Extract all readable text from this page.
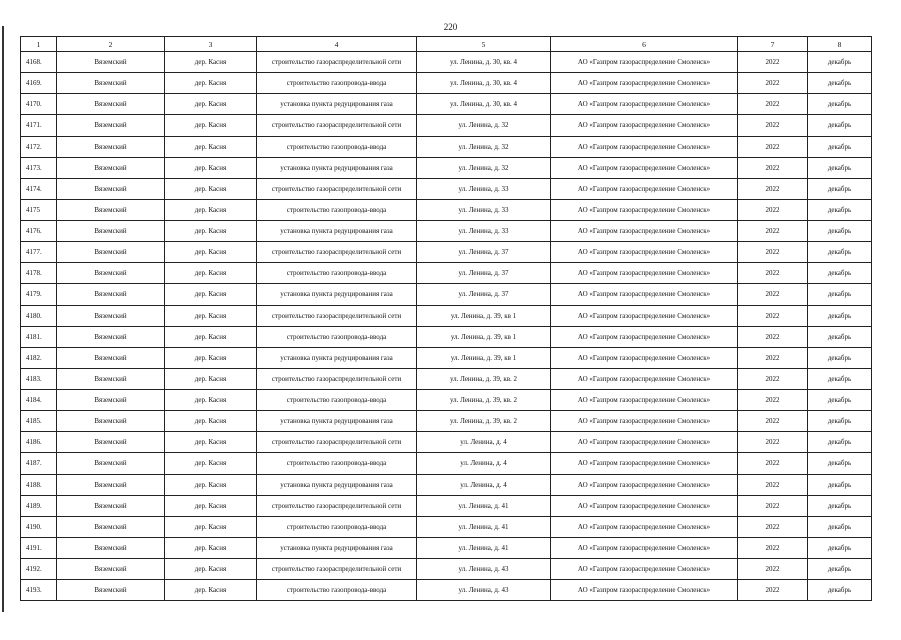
220
1	2	3	4	5	6	7	8
4168.	Вяземский	дер. Касня	строительство газораспределительной сети	ул. Ленина, д. 30, кв. 4	АО «Газпром газораспределение Смоленск»	2022	декабрь
4169.	Вяземский	дер. Касня	строительство газопровода-ввода	ул. Ленина, д. 30, кв. 4	АО «Газпром газораспределение Смоленск»	2022	декабрь
4170.	Вяземский	дер. Касня	установка пункта редуцирования газа	ул. Ленина, д. 30, кв. 4	АО «Газпром газораспределение Смоленск»	2022	декабрь
4171.	Вяземский	дер. Касня	строительство газораспределительной сети	ул. Ленина, д. 32	АО «Газпром газораспределение Смоленск»	2022	декабрь
4172.	Вяземский	дер. Касня	строительство газопровода-ввода	ул. Ленина, д. 32	АО «Газпром газораспределение Смоленск»	2022	декабрь
4173.	Вяземский	дер. Касня	установка пункта редуцирования газа	ул. Ленина, д. 32	АО «Газпром газораспределение Смоленск»	2022	декабрь
4174.	Вяземский	дер. Касня	строительство газораспределительной сети	ул. Ленина, д. 33	АО «Газпром газораспределение Смоленск»	2022	декабрь
4175	Вяземский	дер. Касня	строительство газопровода-ввода	ул. Ленина, д. 33	АО «Газпром газораспределение Смоленск»	2022	декабрь
4176.	Вяземский	дер. Касня	установка пункта редуцирования газа	ул. Ленина, д. 33	АО «Газпром газораспределение Смоленск»	2022	декабрь
4177.	Вяземский	дер. Касня	строительство газораспределительной сети	ул. Ленина, д. 37	АО «Газпром газораспределение Смоленск»	2022	декабрь
4178.	Вяземский	дер. Касня	строительство газопровода-ввода	ул. Ленина, д. 37	АО «Газпром газораспределение Смоленск»	2022	декабрь
4179.	Вяземский	дер. Касня	установка пункта редуцирования газа	ул. Ленина, д. 37	АО «Газпром газораспределение Смоленск»	2022	декабрь
4180.	Вяземский	дер. Касня	строительство газораспределительной сети	ул. Ленина, д. 39, кв 1	АО «Газпром газораспределение Смоленск»	2022	декабрь
4181.	Вяземский	дер. Касня	строительство газопровода-ввода	ул. Ленина, д. 39, кв 1	АО «Газпром газораспределение Смоленск»	2022	декабрь
4182.	Вяземский	дер. Касня	установка пункта редуцирования газа	ул. Ленина, д. 39, кв 1	АО «Газпром газораспределение Смоленск»	2022	декабрь
4183.	Вяземский	дер. Касня	строительство газораспределительной сети	ул. Ленина, д. 39, кв. 2	АО «Газпром газораспределение Смоленск»	2022	декабрь
4184.	Вяземский	дер. Касня	строительство газопровода-ввода	ул. Ленина, д. 39, кв. 2	АО «Газпром газораспределение Смоленск»	2022	декабрь
4185.	Вяземский	дер. Касня	установка пункта редуцирования газа	ул. Ленина, д. 39, кв. 2	АО «Газпром газораспределение Смоленск»	2022	декабрь
4186.	Вяземский	дер. Касня	строительство газораспределительной сети	ул. Ленина, д. 4	АО «Газпром газораспределение Смоленск»	2022	декабрь
4187.	Вяземский	дер. Касня	строительство газопровода-ввода	ул. Ленина, д. 4	АО «Газпром газораспределение Смоленск»	2022	декабрь
4188.	Вяземский	дер. Касня	установка пункта редуцирования газа	ул. Ленина, д. 4	АО «Газпром газораспределение Смоленск»	2022	декабрь
4189.	Вяземский	дер. Касня	строительство газораспределительной сети	ул. Ленина, д. 41	АО «Газпром газораспределение Смоленск»	2022	декабрь
4190.	Вяземский	дер. Касня	строительство газопровода-ввода	ул. Ленина, д. 41	АО «Газпром газораспределение Смоленск»	2022	декабрь
4191.	Вяземский	дер. Касня	установка пункта редуцирования газа	ул. Ленина, д. 41	АО «Газпром газораспределение Смоленск»	2022	декабрь
4192.	Вяземский	дер. Касня	строительство газораспределительной сети	ул. Ленина, д. 43	АО «Газпром газораспределение Смоленск»	2022	декабрь
4193.	Вяземский	дер. Касня	строительство газопровода-ввода	ул. Ленина, д. 43	АО «Газпром газораспределение Смоленск»	2022	декабрь
